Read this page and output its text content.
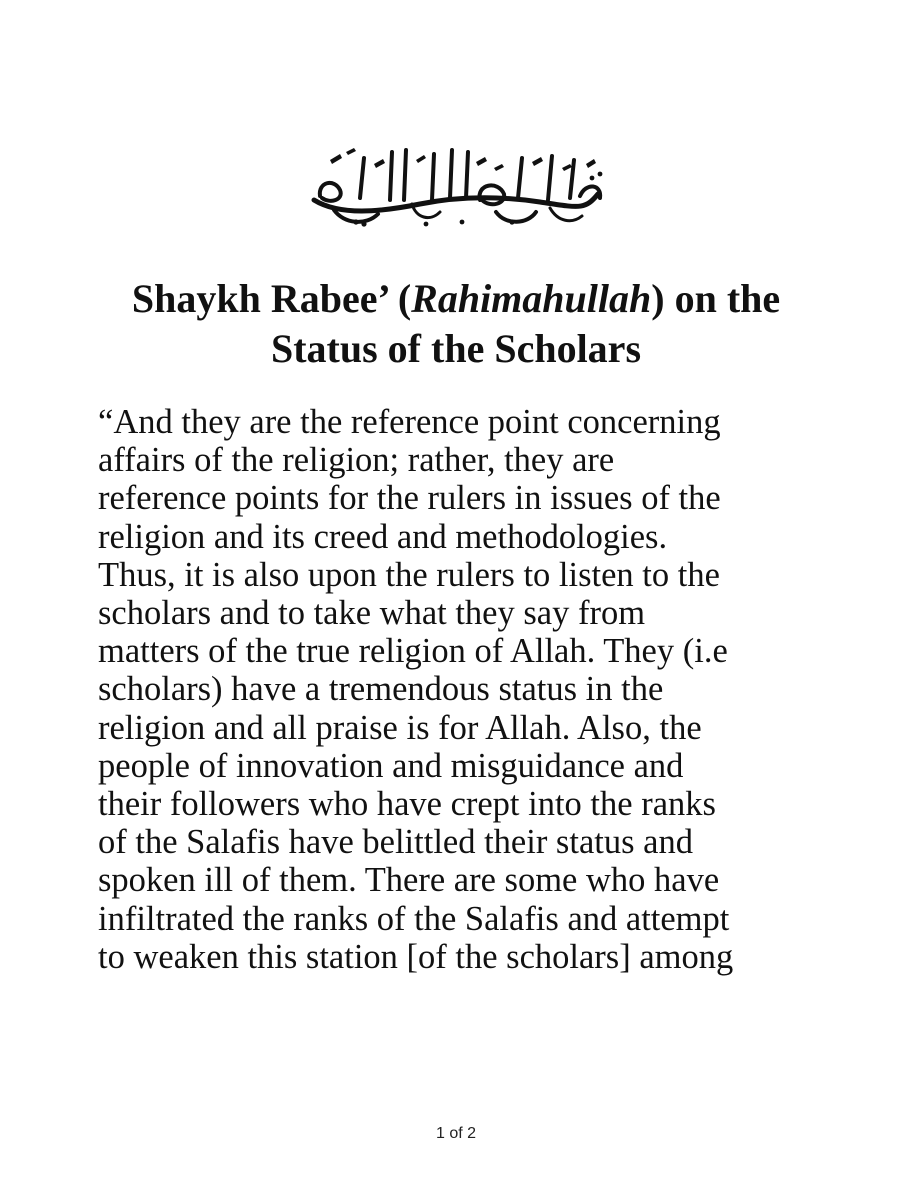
Shaykh Rabee’ (Rahimahullah) on the
Status of the Scholars
“And they are the reference point concerning
affairs of the religion; rather, they are
reference points for the rulers in issues of the
religion and its creed and methodologies.
Thus, it is also upon the rulers to listen to the
scholars and to take what they say from
matters of the true religion of Allah. They (i.e
scholars) have a tremendous status in the
religion and all praise is for Allah. Also, the
people of innovation and misguidance and
their followers who have crept into the ranks
of the Salafis have belittled their status and
spoken ill of them. There are some who have
infiltrated the ranks of the Salafis and attempt
to weaken this station [of the scholars] among
1 of 2
